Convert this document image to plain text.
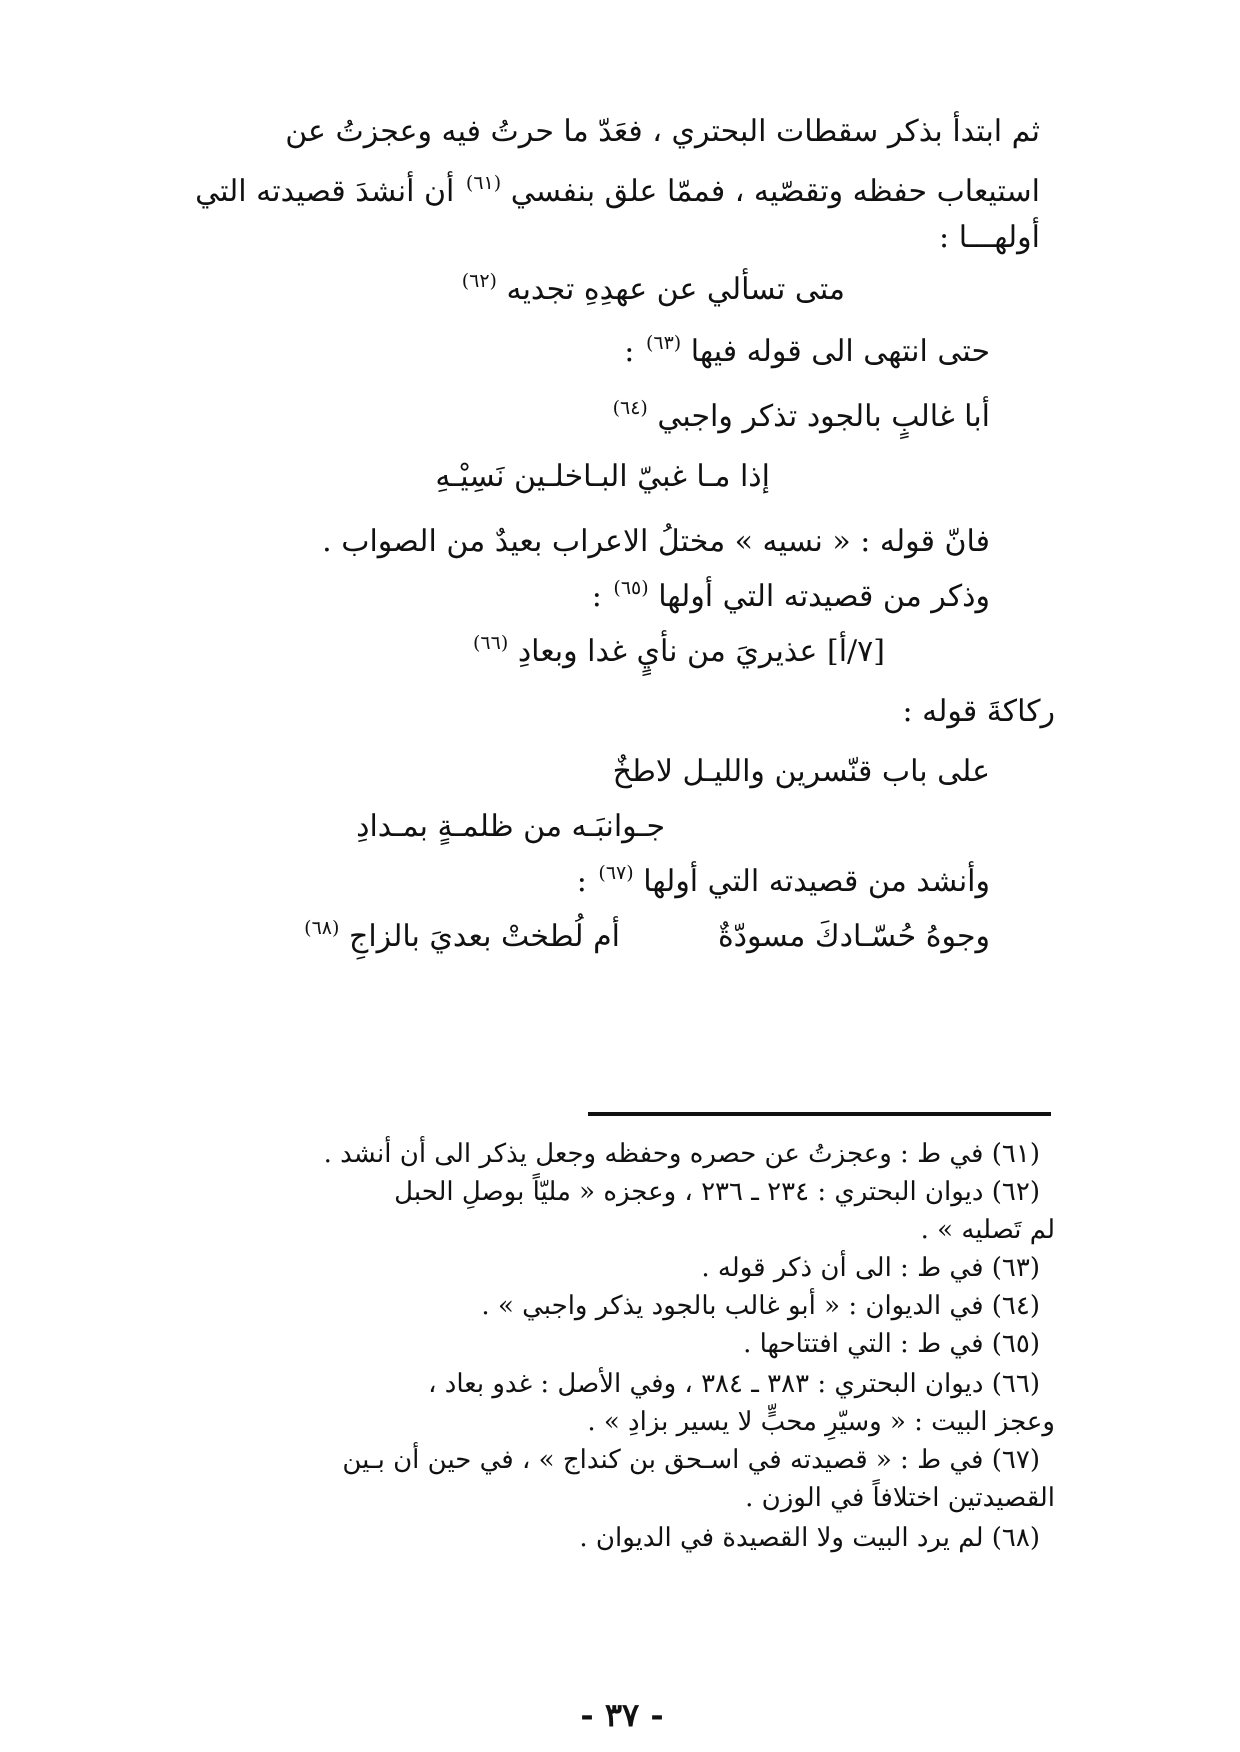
ثم ابتدأ بذكر سقطات البحتري ، فعَدّ ما حرتُ فيه وعجزتُ عن
استيعاب حفظه وتقصّيه ، فممّا علق بنفسي $^{(٦١)}$ أن أنشدَ قصيدته التي
أولهـــا :
متى تسألي عن عهدِهِ تجديه $^{(٦٢)}$
حتى انتهى الى قوله فيها $^{(٦٣)}$ :
أبا غالبٍ بالجود تذكر واجبي $^{(٦٤)}$
إذا مـا غبيّ البـاخلـين نَسِيْـهِ
فانّ قوله : « نسيه » مختلُ الاعراب بعيدٌ من الصواب .
وذكر من قصيدته التي أولها $^{(٦٥)}$ :
[٧/أ] عذيريَ من نأيٍ غدا وبعادِ $^{(٦٦)}$
ركاكةَ قوله :
على باب قنّسرين والليـل لاطخٌ
جـوانبَـه من ظلمـةٍ بمـدادِ
وأنشد من قصيدته التي أولها $^{(٦٧)}$ :
وجوهُ حُسّـادكَ مسودّةٌ
أم لُطختْ بعديَ بالزاجِ $^{(٦٨)}$
(٦١) في ط : وعجزتُ عن حصره وحفظه وجعل يذكر الى أن أنشد .
(٦٢) ديوان البحتري : ٢٣٤ ـ ٢٣٦ ، وعجزه « مليّاً بوصلِ الحبل
لم تَصليه » .
(٦٣) في ط : الى أن ذكر قوله .
(٦٤) في الديوان : « أبو غالب بالجود يذكر واجبي » .
(٦٥) في ط : التي افتتاحها .
(٦٦) ديوان البحتري : ٣٨٣ ـ ٣٨٤ ، وفي الأصل : غدو بعاد ،
وعجز البيت : « وسيّرِ محبٍّ لا يسير بزادِ » .
(٦٧) في ط : « قصيدته في اسـحق بن كنداج » ، في حين أن بـين
القصيدتين اختلافاً في الوزن .
(٦٨) لم يرد البيت ولا القصيدة في الديوان .
- ٣٧ -
